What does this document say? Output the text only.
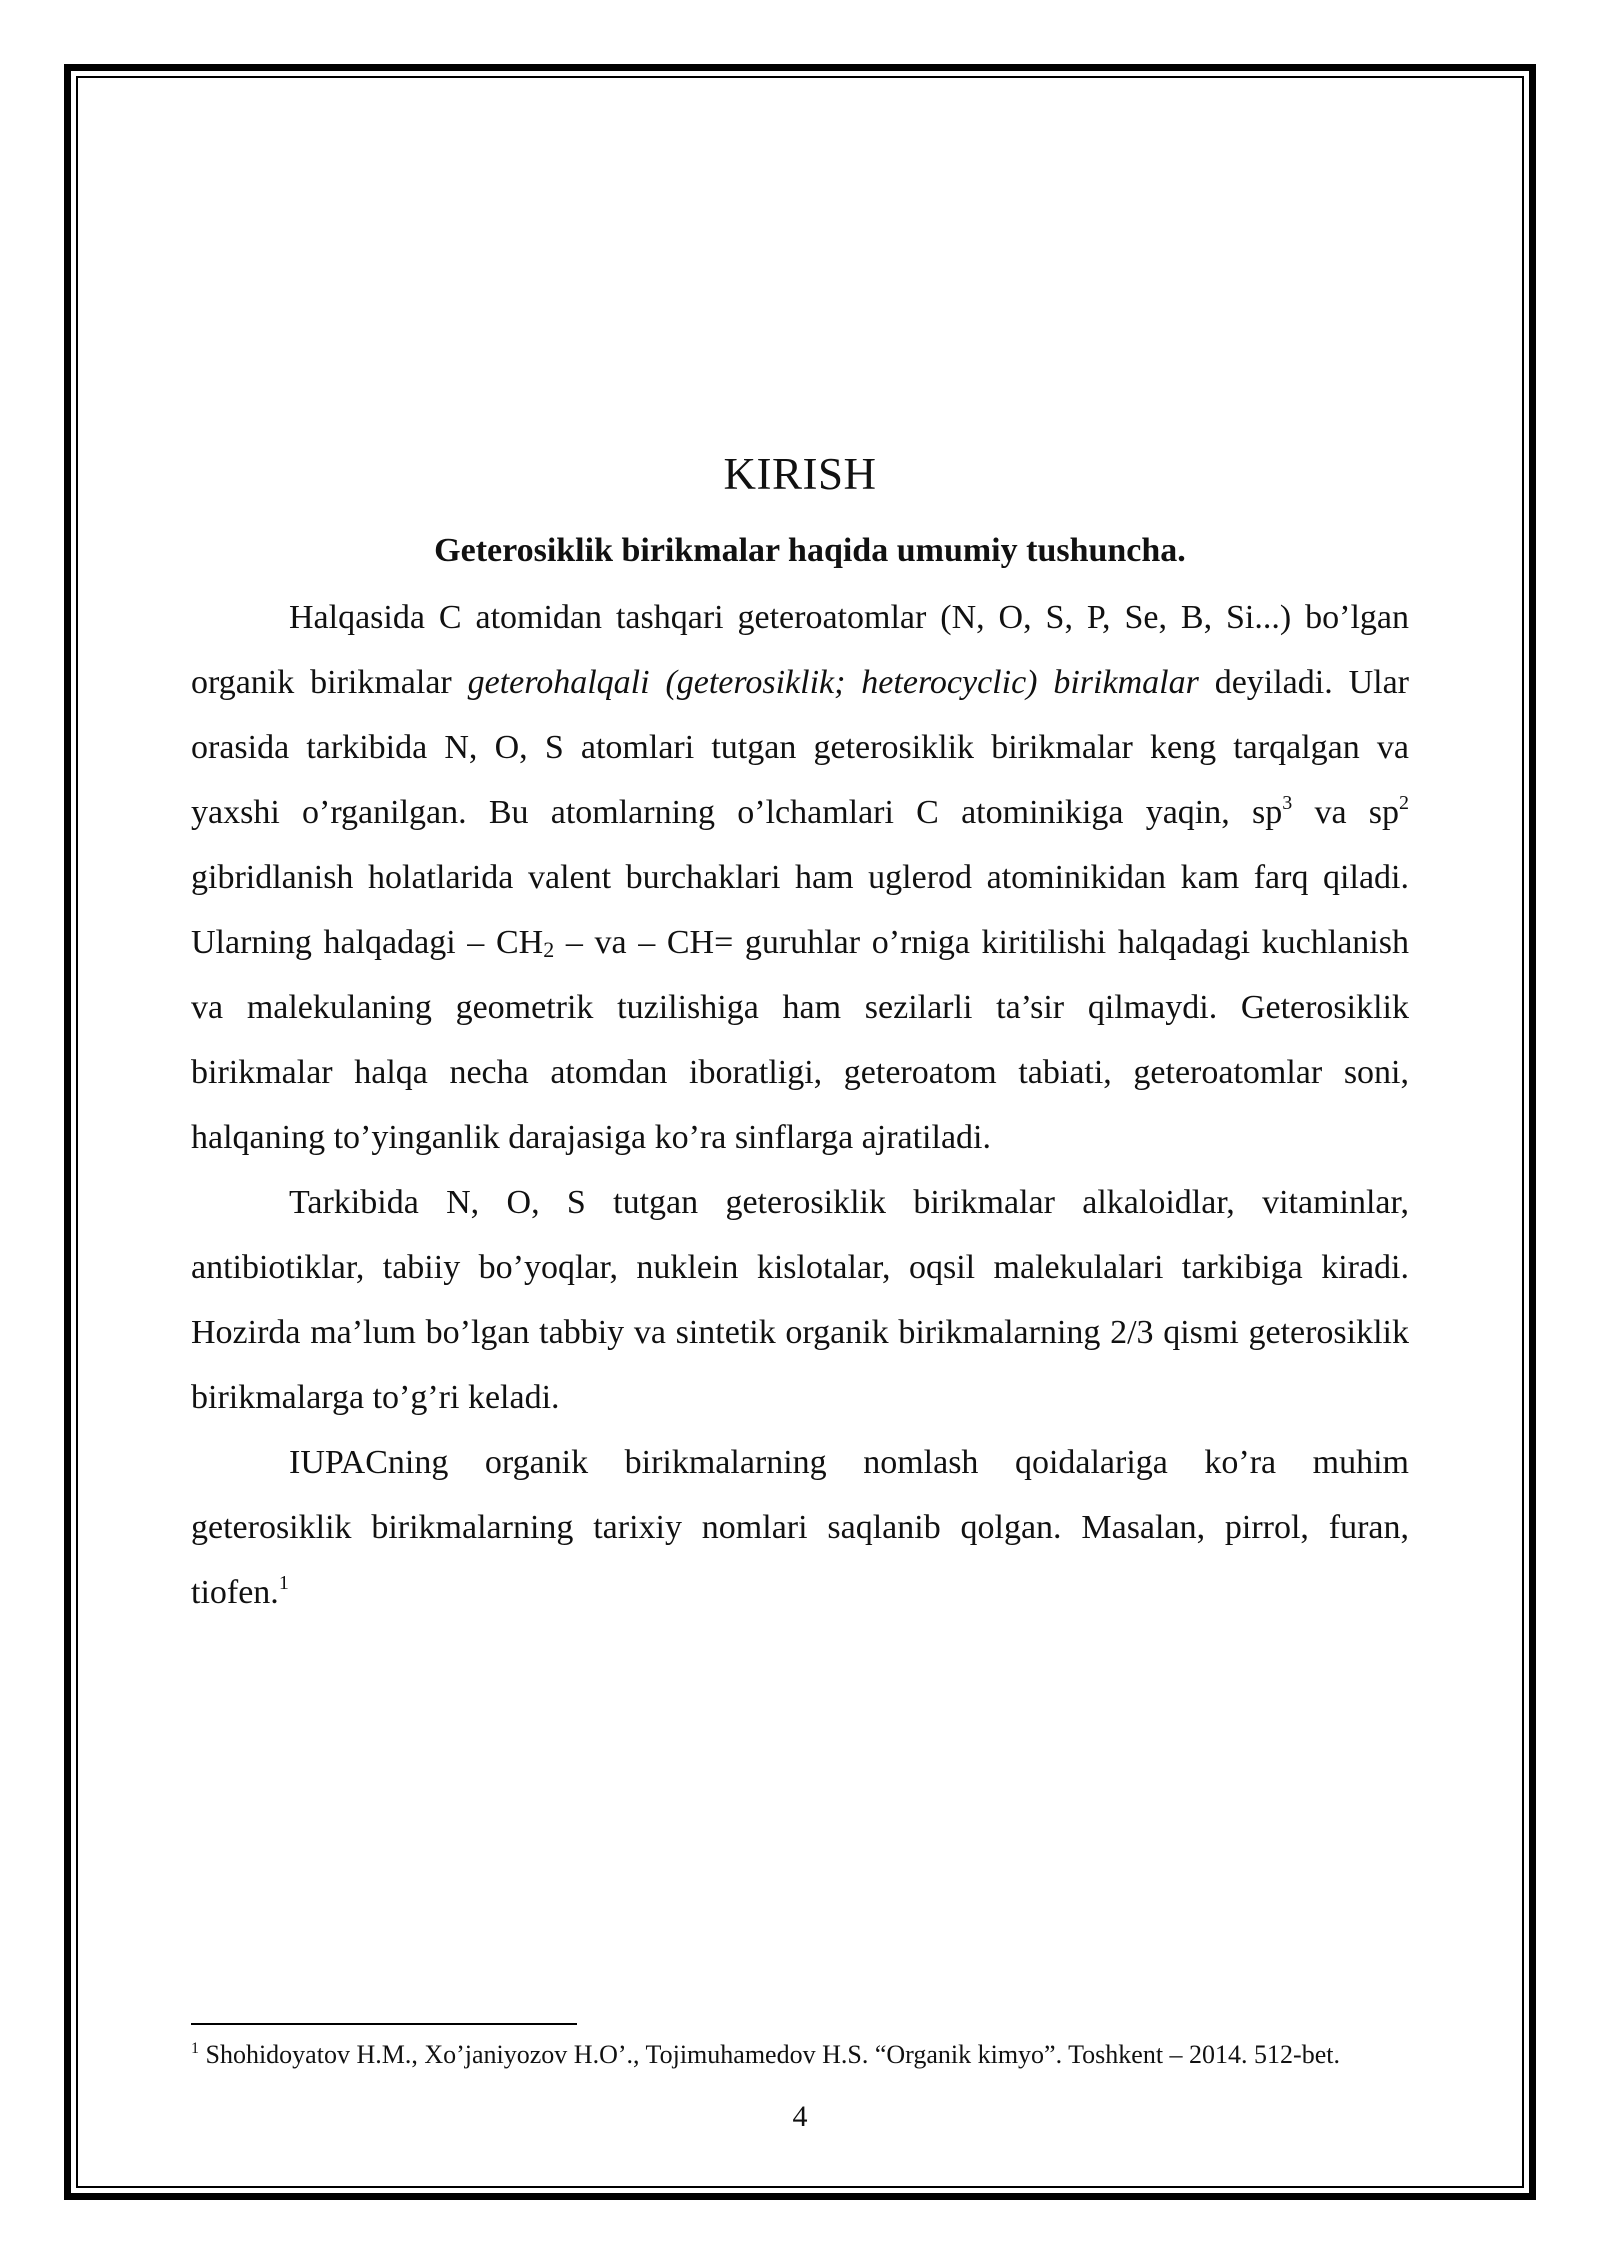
KIRISH
Geterosiklik birikmalar haqida umumiy tushuncha.

Halqasida C atomidan tashqari geteroatomlar (N, O, S, P, Se, B, Si...) bo’lgan organik birikmalar geterohalqali (geterosiklik; heterocyclic) birikmalar deyiladi. Ular orasida tarkibida N, O, S atomlari tutgan geterosiklik birikmalar keng tarqalgan va yaxshi o’rganilgan. Bu atomlarning o’lchamlari C atominikiga yaqin, $sp^3$ va $sp^2$ gibridlanish holatlarida valent burchaklari ham uglerod atominikidan kam farq qiladi. Ularning halqadagi – $CH_2$ – va – CH= guruhlar o’rniga kiritilishi halqadagi kuchlanish va malekulaning geometrik tuzilishiga ham sezilarli ta’sir qilmaydi. Geterosiklik birikmalar halqa necha atomdan iboratligi, geteroatom tabiati, geteroatomlar soni, halqaning to’yinganlik darajasiga ko’ra sinflarga ajratiladi.

Tarkibida N, O, S tutgan geterosiklik birikmalar alkaloidlar, vitaminlar, antibiotiklar, tabiiy bo’yoqlar, nuklein kislotalar, oqsil malekulalari tarkibiga kiradi. Hozirda ma’lum bo’lgan tabbiy va sintetik organik birikmalarning 2/3 qismi geterosiklik birikmalarga to’g’ri keladi.

IUPACning organik birikmalarning nomlash qoidalariga ko’ra muhim geterosiklik birikmalarning tarixiy nomlari saqlanib qolgan. Masalan, pirrol, furan, tiofen.$^1$

$^1$ Shohidoyatov H.M., Xo’janiyozov H.O’., Tojimuhamedov H.S. “Organik kimyo”. Toshkent – 2014. 512-bet.

4
